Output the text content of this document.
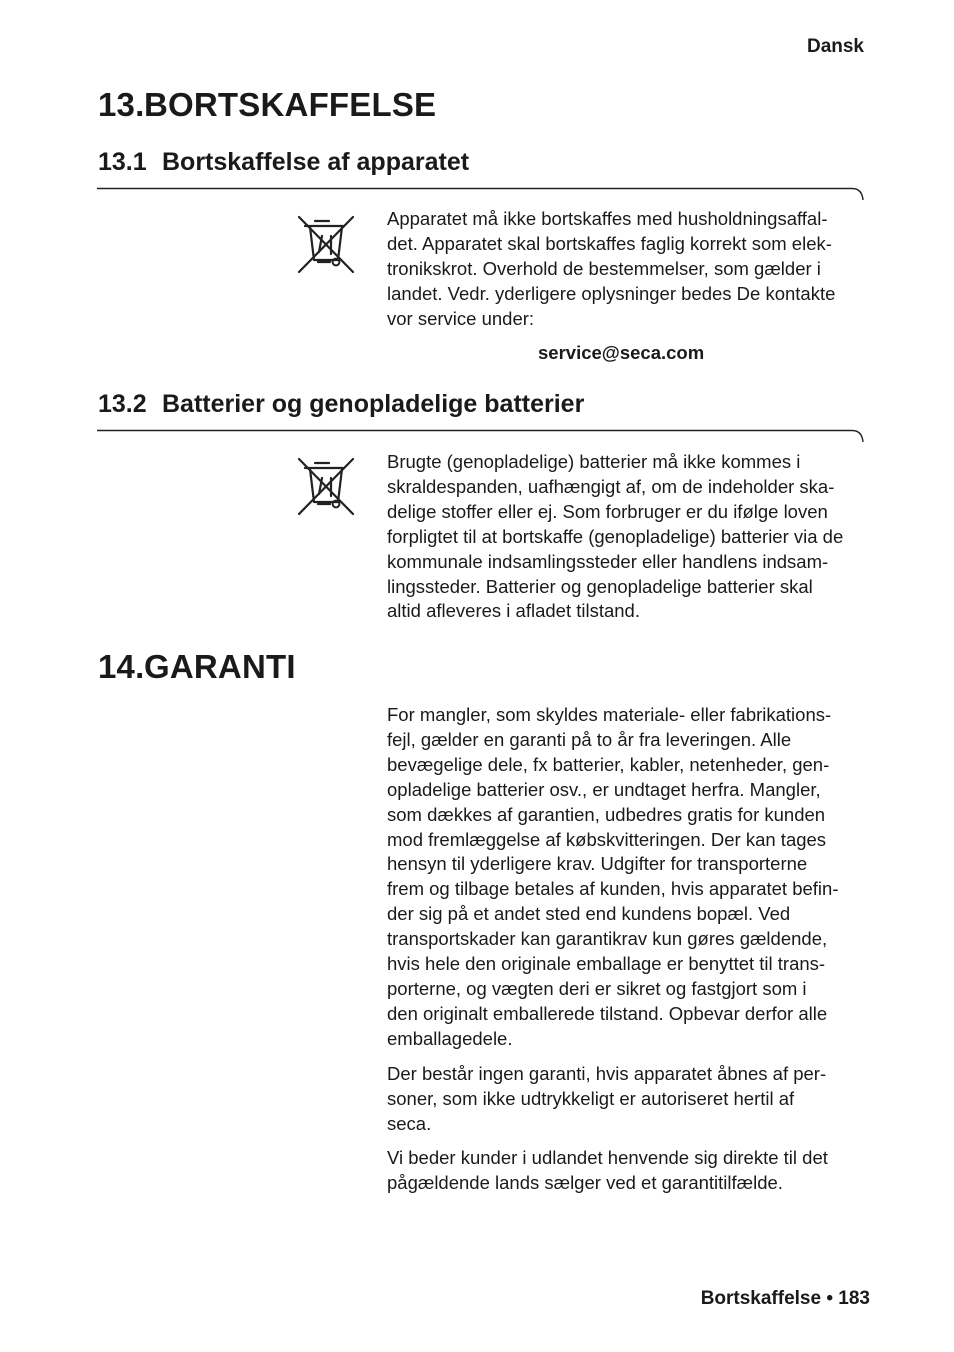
Dansk
13.BORTSKAFFELSE
13.1 Bortskaffelse af apparatet
Apparatet må ikke bortskaffes med husholdningsaffal-
det. Apparatet skal bortskaffes faglig korrekt som elek-
tronikskrot. Overhold de bestemmelser, som gælder i
landet. Vedr. yderligere oplysninger bedes De kontakte
vor service under:
service@seca.com
13.2 Batterier og genopladelige batterier
Brugte (genopladelige) batterier må ikke kommes i
skraldespanden, uafhængigt af, om de indeholder ska-
delige stoffer eller ej. Som forbruger er du ifølge loven
forpligtet til at bortskaffe (genopladelige) batterier via de
kommunale indsamlingssteder eller handlens indsam-
lingssteder. Batterier og genopladelige batterier skal
altid afleveres i afladet tilstand.
14.GARANTI

For mangler, som skyldes materiale- eller fabrikations-
fejl, gælder en garanti på to år fra leveringen. Alle
bevægelige dele, fx batterier, kabler, netenheder, gen-
opladelige batterier osv., er undtaget herfra. Mangler,
som dækkes af garantien, udbedres gratis for kunden
mod fremlæggelse af købskvitteringen. Der kan tages
hensyn til yderligere krav. Udgifter for transporterne
frem og tilbage betales af kunden, hvis apparatet befin-
der sig på et andet sted end kundens bopæl. Ved
transportskader kan garantikrav kun gøres gældende,
hvis hele den originale emballage er benyttet til trans-
porterne, og vægten deri er sikret og fastgjort som i
den originalt emballerede tilstand. Opbevar derfor alle
emballagedele.

Der består ingen garanti, hvis apparatet åbnes af per-
soner, som ikke udtrykkeligt er autoriseret hertil af
seca.

Vi beder kunder i udlandet henvende sig direkte til det
pågældende lands sælger ved et garantitilfælde.

Bortskaffelse • 183
